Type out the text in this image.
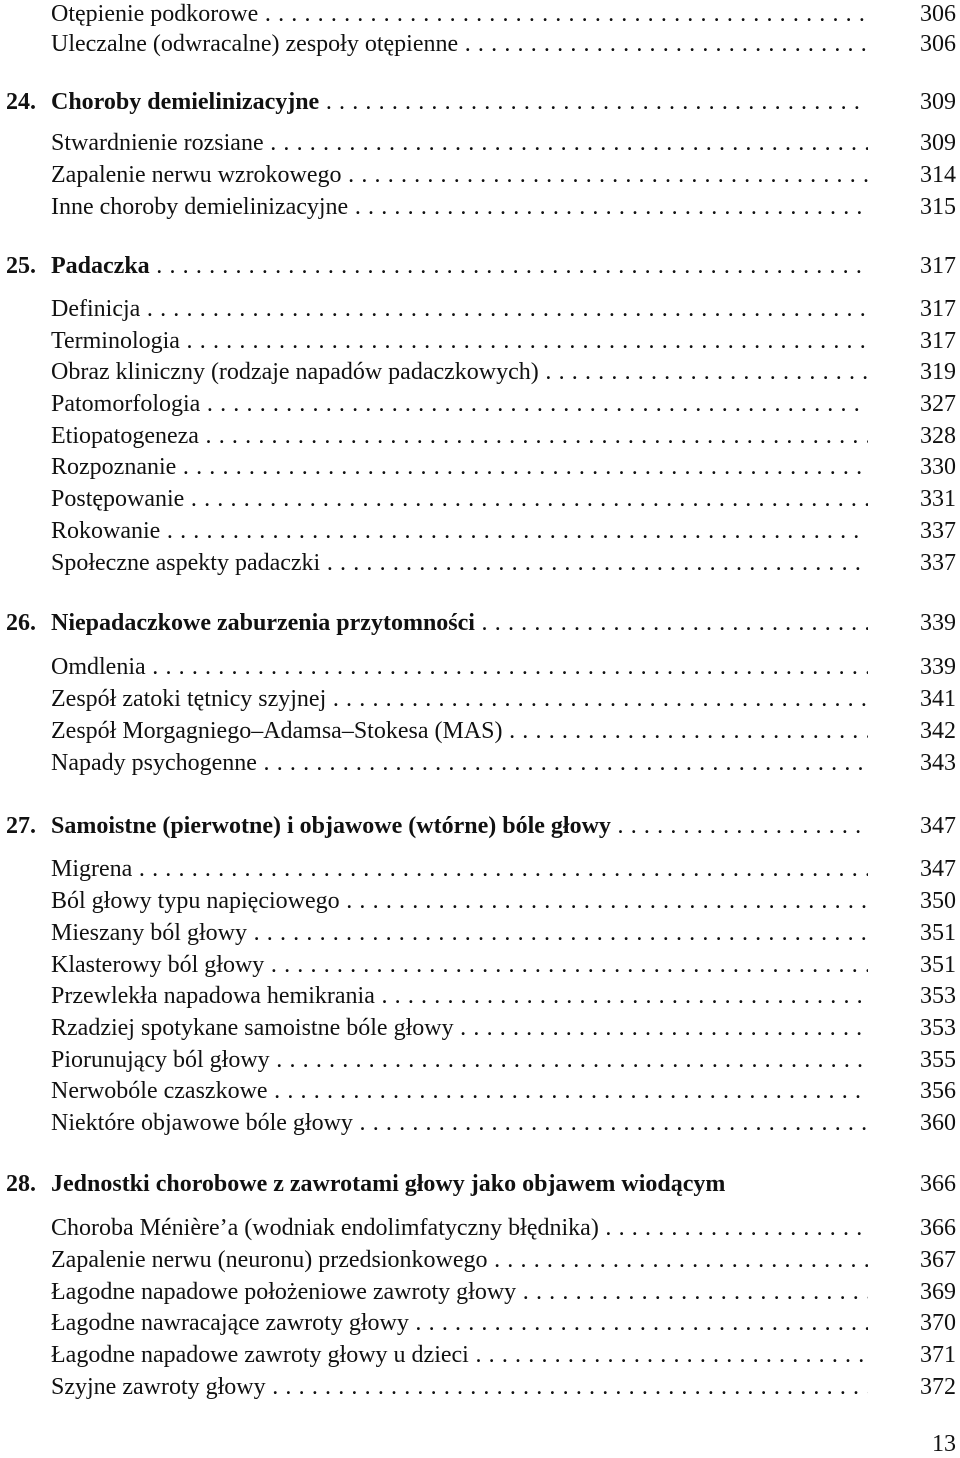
Otępienie podkorowe . . .	306
Uleczalne (odwracalne) zespoły otępienne . . .	306
24. Choroby demielinizacyjne . . .	309
Stwardnienie rozsiane . . .	309
Zapalenie nerwu wzrokowego . . .	314
Inne choroby demielinizacyjne . . .	315
25. Padaczka . . .	317
Definicja . . .	317
Terminologia . . .	317
Obraz kliniczny (rodzaje napadów padaczkowych) . . .	319
Patomorfologia . . .	327
Etiopatogeneza . . .	328
Rozpoznanie . . .	330
Postępowanie . . .	331
Rokowanie . . .	337
Społeczne aspekty padaczki . . .	337
26. Niepadaczkowe zaburzenia przytomności . . .	339
Omdlenia . . .	339
Zespół zatoki tętnicy szyjnej . . .	341
Zespół Morgagniego–Adamsa–Stokesa (MAS) . . .	342
Napady psychogenne . . .	343
27. Samoistne (pierwotne) i objawowe (wtórne) bóle głowy . . .	347
Migrena . . .	347
Ból głowy typu napięciowego . . .	350
Mieszany ból głowy . . .	351
Klasterowy ból głowy . . .	351
Przewlekła napadowa hemikrania . . .	353
Rzadziej spotykane samoistne bóle głowy . . .	353
Piorunujący ból głowy . . .	355
Nerwobóle czaszkowe . . .	356
Niektóre objawowe bóle głowy . . .	360
28. Jednostki chorobowe z zawrotami głowy jako objawem wiodącym	366
Choroba Ménière’a (wodniak endolimfatyczny błędnika) . . .	366
Zapalenie nerwu (neuronu) przedsionkowego . . .	367
Łagodne napadowe położeniowe zawroty głowy . . .	369
Łagodne nawracające zawroty głowy . . .	370
Łagodne napadowe zawroty głowy u dzieci . . .	371
Szyjne zawroty głowy . . .	372
13
